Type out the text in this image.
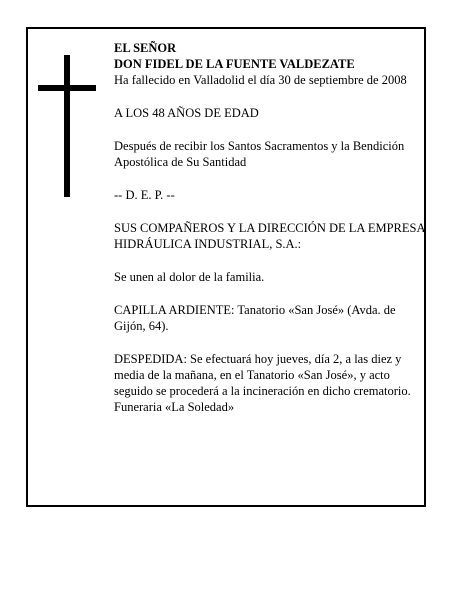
EL SEÑOR

DON FIDEL DE LA FUENTE VALDEZATE

Ha fallecido en Valladolid el día 30 de septiembre de 2008

A LOS 48 AÑOS DE EDAD

Después de recibir los Santos Sacramentos y la Bendición Apostólica de Su Santidad

-- D. E. P. --

SUS COMPAÑEROS Y LA DIRECCIÓN DE LA EMPRESA HIDRÁULICA INDUSTRIAL, S.A.:

Se unen al dolor de la familia.

CAPILLA ARDIENTE: Tanatorio «San José» (Avda. de Gijón, 64).

DESPEDIDA: Se efectuará hoy jueves, día 2, a las diez y media de la mañana, en el Tanatorio «San José», y acto seguido se procederá a la incineración en dicho crematorio.

Funeraria «La Soledad»
